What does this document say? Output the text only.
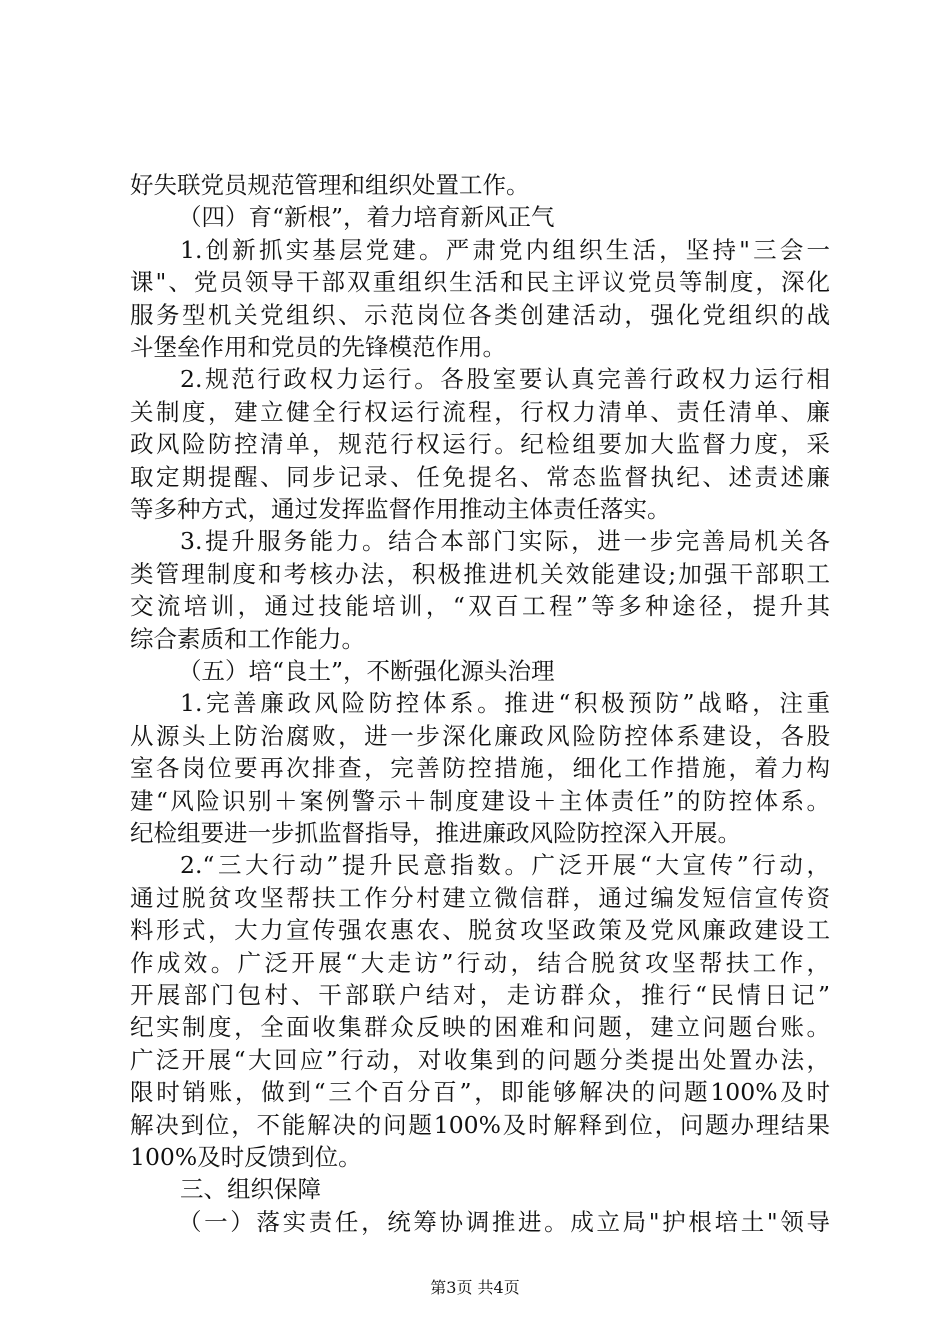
好失联党员规范管理和组织处置工作。
（四）育“新根”，着力培育新风正气
1.创新抓实基层党建。严肃党内组织生活，坚持"三会一
课"、党员领导干部双重组织生活和民主评议党员等制度，深化
服务型机关党组织、示范岗位各类创建活动，强化党组织的战
斗堡垒作用和党员的先锋模范作用。
2.规范行政权力运行。各股室要认真完善行政权力运行相
关制度，建立健全行权运行流程，行权力清单、责任清单、廉
政风险防控清单，规范行权运行。纪检组要加大监督力度，采
取定期提醒、同步记录、任免提名、常态监督执纪、述责述廉
等多种方式，通过发挥监督作用推动主体责任落实。
3.提升服务能力。结合本部门实际，进一步完善局机关各
类管理制度和考核办法，积极推进机关效能建设;加强干部职工
交流培训，通过技能培训，“双百工程”等多种途径，提升其
综合素质和工作能力。
（五）培“良土”，不断强化源头治理
1.完善廉政风险防控体系。推进“积极预防”战略，注重
从源头上防治腐败，进一步深化廉政风险防控体系建设，各股
室各岗位要再次排查，完善防控措施，细化工作措施，着力构
建“风险识别＋案例警示＋制度建设＋主体责任”的防控体系。
纪检组要进一步抓监督指导，推进廉政风险防控深入开展。
2.“三大行动”提升民意指数。广泛开展“大宣传”行动，
通过脱贫攻坚帮扶工作分村建立微信群，通过编发短信宣传资
料形式，大力宣传强农惠农、脱贫攻坚政策及党风廉政建设工
作成效。广泛开展“大走访”行动，结合脱贫攻坚帮扶工作，
开展部门包村、干部联户结对，走访群众，推行“民情日记”
纪实制度，全面收集群众反映的困难和问题，建立问题台账。
广泛开展“大回应”行动，对收集到的问题分类提出处置办法，
限时销账，做到“三个百分百”，即能够解决的问题100%及时
解决到位，不能解决的问题100%及时解释到位，问题办理结果
100%及时反馈到位。
三、组织保障
（一）落实责任，统筹协调推进。成立局"护根培土"领导
第3页 共4页
